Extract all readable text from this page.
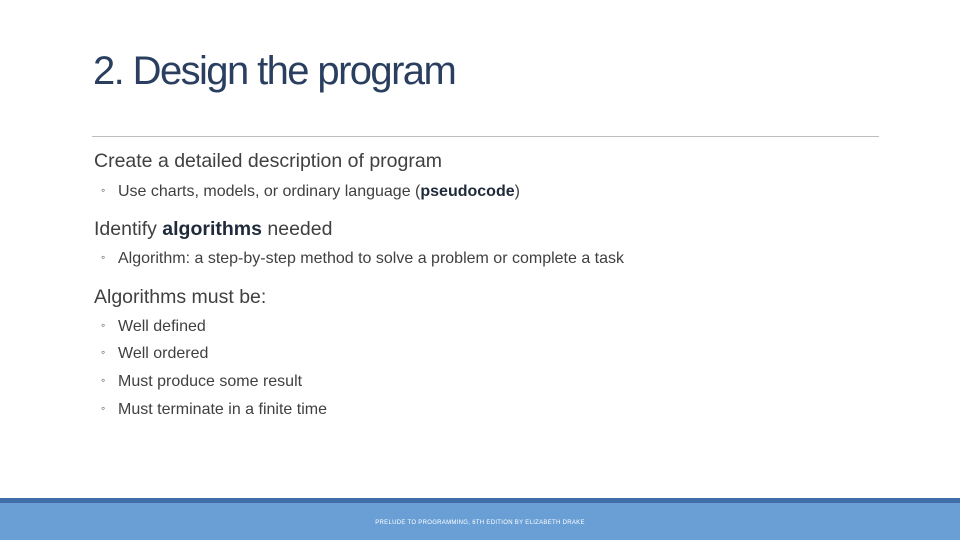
2. Design the program
Create a detailed description of program
◦ Use charts, models, or ordinary language (pseudocode)
Identify algorithms needed
◦ Algorithm: a step-by-step method to solve a problem or complete a task
Algorithms must be:
◦ Well defined
◦ Well ordered
◦ Must produce some result
◦ Must terminate in a finite time
PRELUDE TO PROGRAMMING, 6TH EDITION BY ELIZABETH DRAKE
